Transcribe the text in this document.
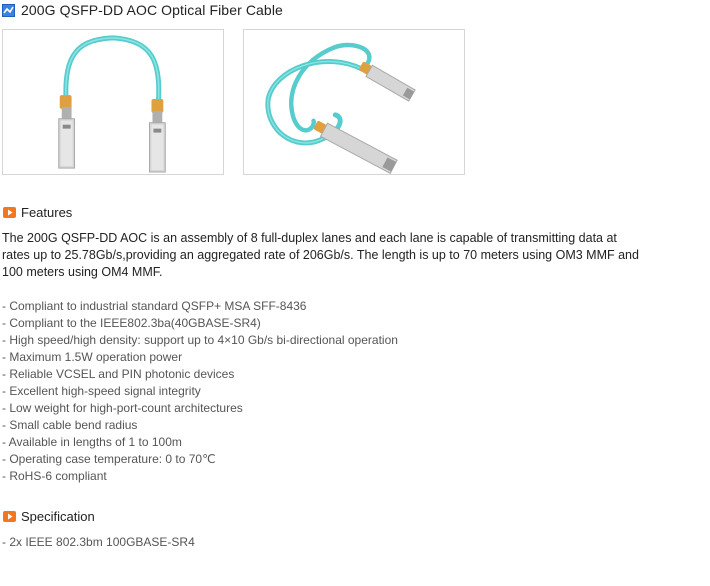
200G QSFP-DD AOC Optical Fiber Cable
Features
The 200G QSFP-DD AOC is an assembly of 8 full-duplex lanes and each lane is capable of transmitting data at rates up to 25.78Gb/s,providing an aggregated rate of 206Gb/s. The length is up to 70 meters using OM3 MMF and 100 meters using OM4 MMF.
- Compliant to industrial standard QSFP+ MSA SFF-8436
- Compliant to the IEEE802.3ba(40GBASE-SR4)
- High speed/high density: support up to 4×10 Gb/s bi-directional operation
- Maximum 1.5W operation power
- Reliable VCSEL and PIN photonic devices
- Excellent high-speed signal integrity
- Low weight for high-port-count architectures
- Small cable bend radius
- Available in lengths of 1 to 100m
- Operating case temperature: 0 to 70℃
- RoHS-6 compliant
Specification
- 2x IEEE 802.3bm 100GBASE-SR4
